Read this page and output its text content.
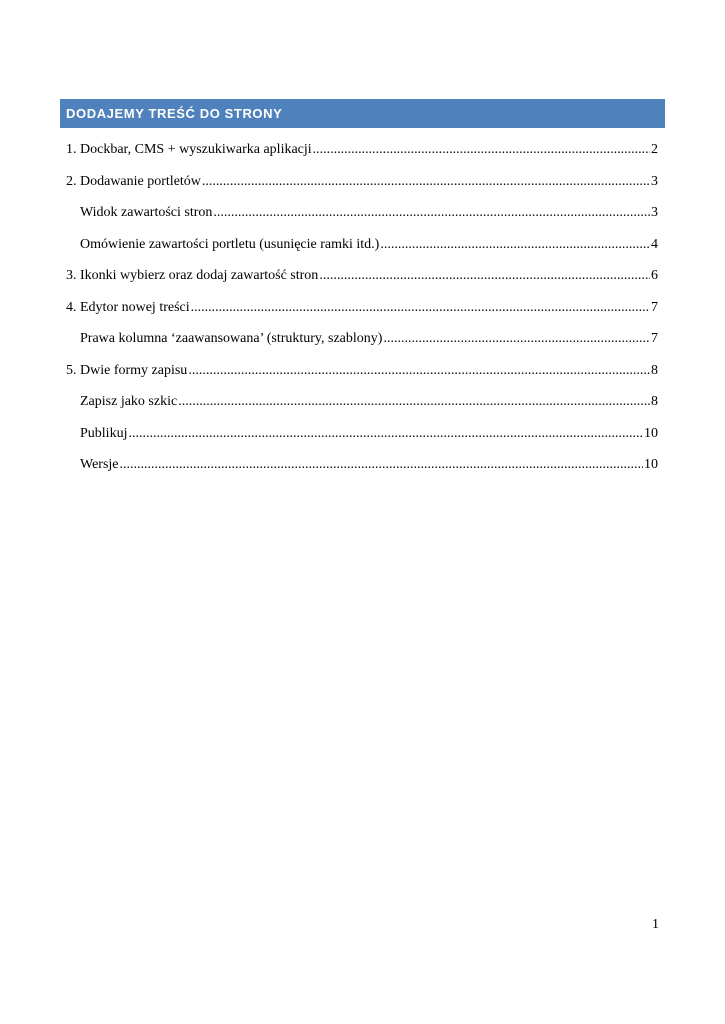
DODAJEMY TREŚĆ DO STRONY
1. Dockbar, CMS + wyszukiwarka aplikacji .....	2
2. Dodawanie portletów .....	3
Widok zawartości stron .....	3
Omówienie zawartości portletu (usunięcie ramki itd.) .....	4
3. Ikonki wybierz oraz dodaj zawartość stron .....	6
4. Edytor nowej treści .....	7
Prawa kolumna ‘zaawansowana’ (struktury, szablony) .....	7
5. Dwie formy zapisu .....	8
Zapisz jako szkic .....	8
Publikuj .....	10
Wersje .....	10
1
